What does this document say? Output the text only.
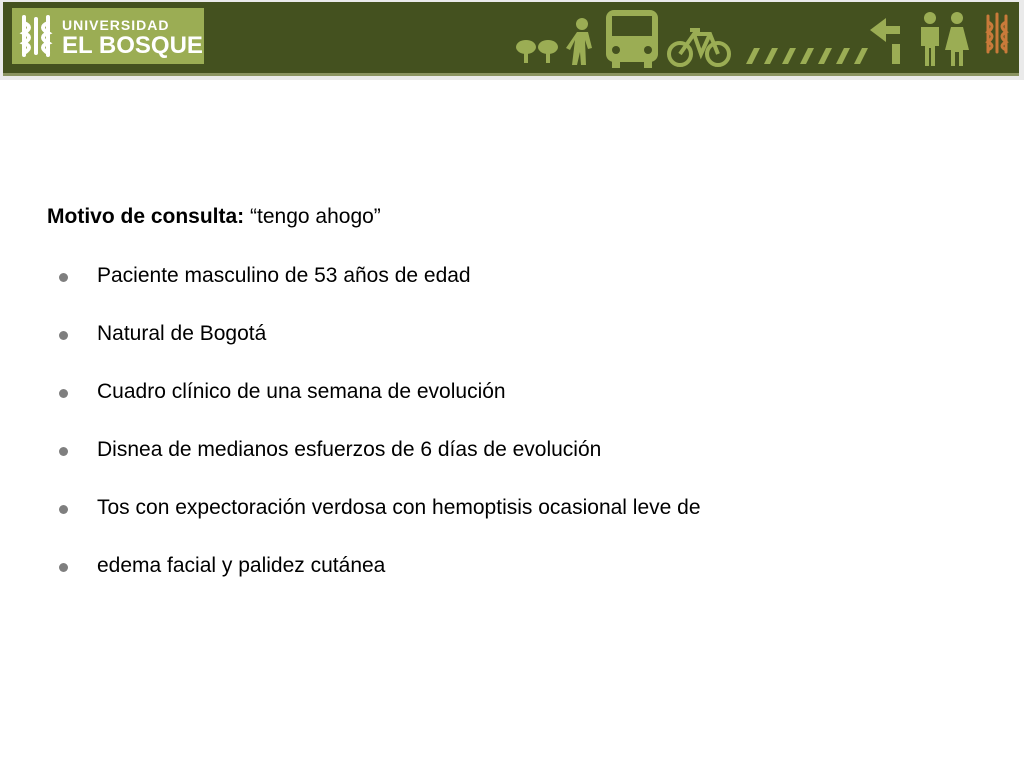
UNIVERSIDAD
EL BOSQUE
Motivo de consulta: “tengo ahogo”
Paciente masculino de 53 años de edad
Natural de Bogotá
Cuadro clínico de una semana de evolución
Disnea de medianos esfuerzos de 6 días de evolución
Tos con expectoración verdosa con hemoptisis ocasional leve de
edema facial y palidez cutánea
